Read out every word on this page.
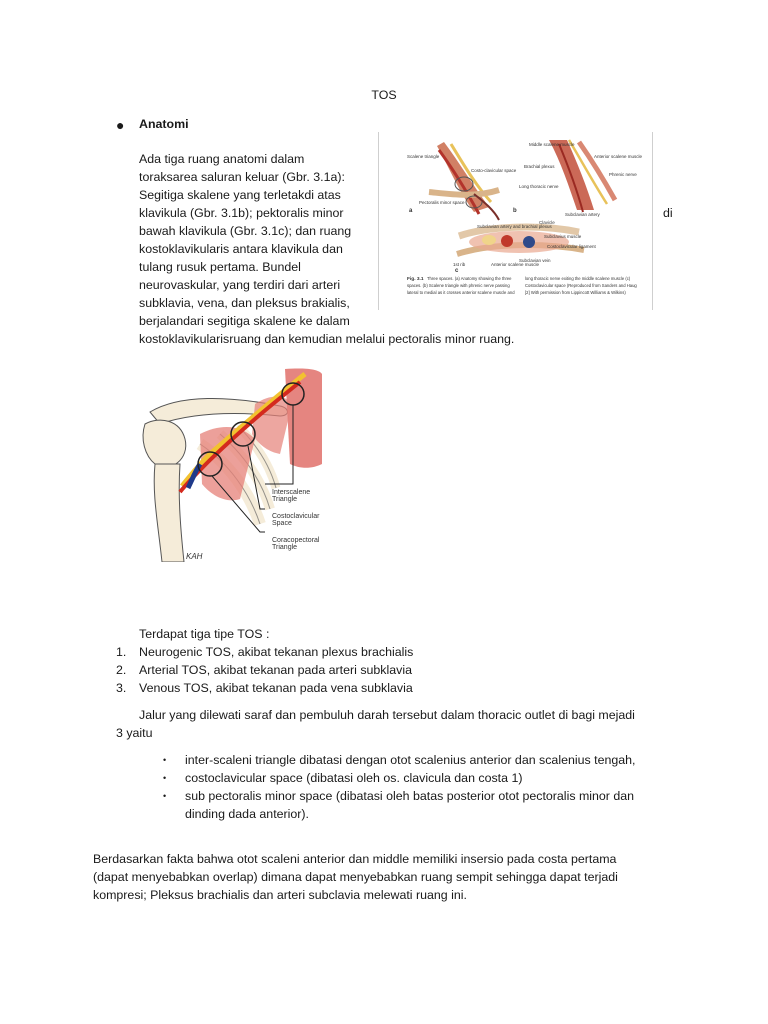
TOS
● Anatomi
Ada tiga ruang anatomi dalam
toraksarea saluran keluar (Gbr. 3.1a):
Segitiga skalene yang terletakdi atas
klavikula (Gbr. 3.1b); pektoralis minor
bawah klavikula (Gbr. 3.1c); dan ruang
kostoklavikularis antara klavikula dan
tulang rusuk pertama. Bundel
neurovaskular, yang terdiri dari arteri
subklavia, vena, dan pleksus brakialis,
berjalandari segitiga skalene ke dalam
kostoklavikularisruang dan kemudian melalui pectoralis minor ruang.
di
Scalene triangle
Costo-clavicular space
Pectoralis minor space
a
Middle scalene muscle
Anterior scalene muscle
Brachial plexus
Long thoracic nerve
Phrenic nerve
Subclavian artery
b
Clavicle
Subclavian artery and brachial plexus
Subclavius muscle
Costoclavicular ligament
Subclavian vein
Anterior scalene muscle
1st rib
c
Fig. 3.1 Three spaces. (a) Anatomy showing the three
spaces. (b) Scalene triangle with phrenic nerve passing
lateral to medial as it crosses anterior scalene muscle and
long thoracic nerve exiting the middle scalene muscle (c)
Costoclavicular space (Reproduced from Sanders and Haug
[2] With permission from Lippincott Williams & Wilkins)
Interscalene
Triangle
Costoclavicular
Space
Coracopectoral
Triangle
KAH
Terdapat tiga tipe TOS :
1.	Neurogenic TOS, akibat tekanan plexus brachialis
2.	Arterial TOS, akibat tekanan pada arteri subklavia
3.	Venous TOS, akibat tekanan pada vena subklavia
Jalur yang dilewati saraf dan pembuluh darah tersebut dalam thoracic outlet di bagi mejadi
3 yaitu
• inter-scaleni triangle dibatasi dengan otot scalenius anterior dan scalenius tengah,
• costoclavicular space (dibatasi oleh os. clavicula dan costa 1)
• sub pectoralis minor space (dibatasi oleh batas posterior otot pectoralis minor dan
dinding dada anterior).
Berdasarkan fakta bahwa otot scaleni anterior dan middle memiliki insersio pada costa pertama
(dapat menyebabkan overlap) dimana dapat menyebabkan ruang sempit sehingga dapat terjadi
kompresi; Pleksus brachialis dan arteri subclavia melewati ruang ini.
